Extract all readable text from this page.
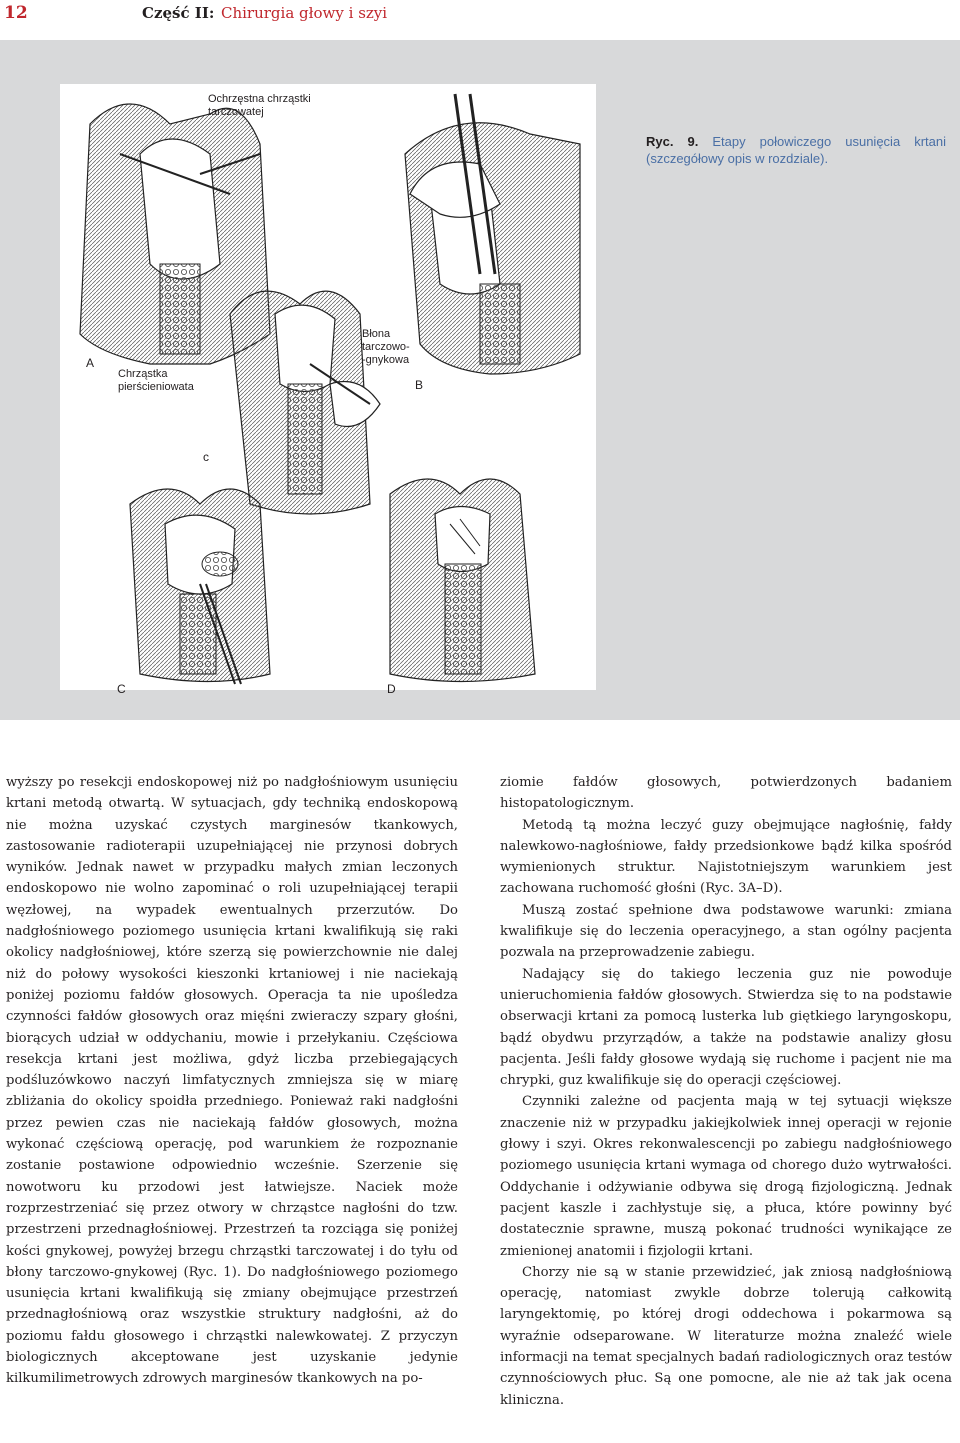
12	Część II: Chirurgia głowy i szyi
Ochrzęstna chrząstki
tarczowatej
Chrząstka
pierścieniowata
Błona
tarczowo-
-gnykowa
c
A
B
C	D
Ryc. 9. Etapy połowiczego usunięcia krtani (szczegółowy opis w rozdziale).

wyższy po resekcji endoskopowej niż po nadgłośniowym usunięciu krtani metodą otwartą. W sytuacjach, gdy techniką endoskopową nie można uzyskać czystych marginesów tkankowych, zastosowanie radioterapii uzupełniającej nie przynosi dobrych wyników. Jednak nawet w przypadku małych zmian leczonych endoskopowo nie wolno zapominać o roli uzupełniającej terapii węzłowej, na wypadek ewentualnych przerzutów. Do nadgłośniowego poziomego usunięcia krtani kwalifikują się raki okolicy nadgłośniowej, które szerzą się powierzchownie nie dalej niż do połowy wysokości kieszonki krtaniowej i nie naciekają poniżej poziomu fałdów głosowych. Operacja ta nie upośledza czynności fałdów głosowych oraz mięśni zwieraczy szpary głośni, biorących udział w oddychaniu, mowie i przełykaniu. Częściowa resekcja krtani jest możliwa, gdyż liczba przebiegających podśluzówkowo naczyń limfatycznych zmniejsza się w miarę zbliżania do okolicy spoidła przedniego. Ponieważ raki nadgłośni przez pewien czas nie naciekają fałdów głosowych, można wykonać częściową operację, pod warunkiem że rozpoznanie zostanie postawione odpowiednio wcześnie. Szerzenie się nowotworu ku przodowi jest łatwiejsze. Naciek może rozprzestrzeniać się przez otwory w chrząstce nagłośni do tzw. przestrzeni przednagłośniowej. Przestrzeń ta rozciąga się poniżej kości gnykowej, powyżej brzegu chrząstki tarczowatej i do tyłu od błony tarczowo-gnykowej (Ryc. 1). Do nadgłośniowego poziomego usunięcia krtani kwalifikują się zmiany obejmujące przestrzeń przednagłośniową oraz wszystkie struktury nadgłośni, aż do poziomu fałdu głosowego i chrząstki nalewkowatej. Z przyczyn biologicznych akceptowane jest uzyskanie jedynie kilkumilimetrowych zdrowych marginesów tkankowych na po-

ziomie fałdów głosowych, potwierdzonych badaniem histopatologicznym.

Metodą tą można leczyć guzy obejmujące nagłośnię, fałdy nalewkowo-nagłośniowe, fałdy przedsionkowe bądź kilka spośród wymienionych struktur. Najistotniejszym warunkiem jest zachowana ruchomość głośni (Ryc. 3A–D).

Muszą zostać spełnione dwa podstawowe warunki: zmiana kwalifikuje się do leczenia operacyjnego, a stan ogólny pacjenta pozwala na przeprowadzenie zabiegu.

Nadający się do takiego leczenia guz nie powoduje unieruchomienia fałdów głosowych. Stwierdza się to na podstawie obserwacji krtani za pomocą lusterka lub giętkiego laryngoskopu, bądź obydwu przyrządów, a także na podstawie analizy głosu pacjenta. Jeśli fałdy głosowe wydają się ruchome i pacjent nie ma chrypki, guz kwalifikuje się do operacji częściowej.

Czynniki zależne od pacjenta mają w tej sytuacji większe znaczenie niż w przypadku jakiejkolwiek innej operacji w rejonie głowy i szyi. Okres rekonwalescencji po zabiegu nadgłośniowego poziomego usunięcia krtani wymaga od chorego dużo wytrwałości. Oddychanie i odżywianie odbywa się drogą fizjologiczną. Jednak pacjent kaszle i zachłystuje się, a płuca, które powinny być dostatecznie sprawne, muszą pokonać trudności wynikające ze zmienionej anatomii i fizjologii krtani.

Chorzy nie są w stanie przewidzieć, jak zniosą nadgłośniową operację, natomiast zwykle dobrze tolerują całkowitą laryngektomię, po której drogi oddechowa i pokarmowa są wyraźnie odseparowane. W literaturze można znaleźć wiele informacji na temat specjalnych badań radiologicznych oraz testów czynnościowych płuc. Są one pomocne, ale nie aż tak jak ocena kliniczna.
